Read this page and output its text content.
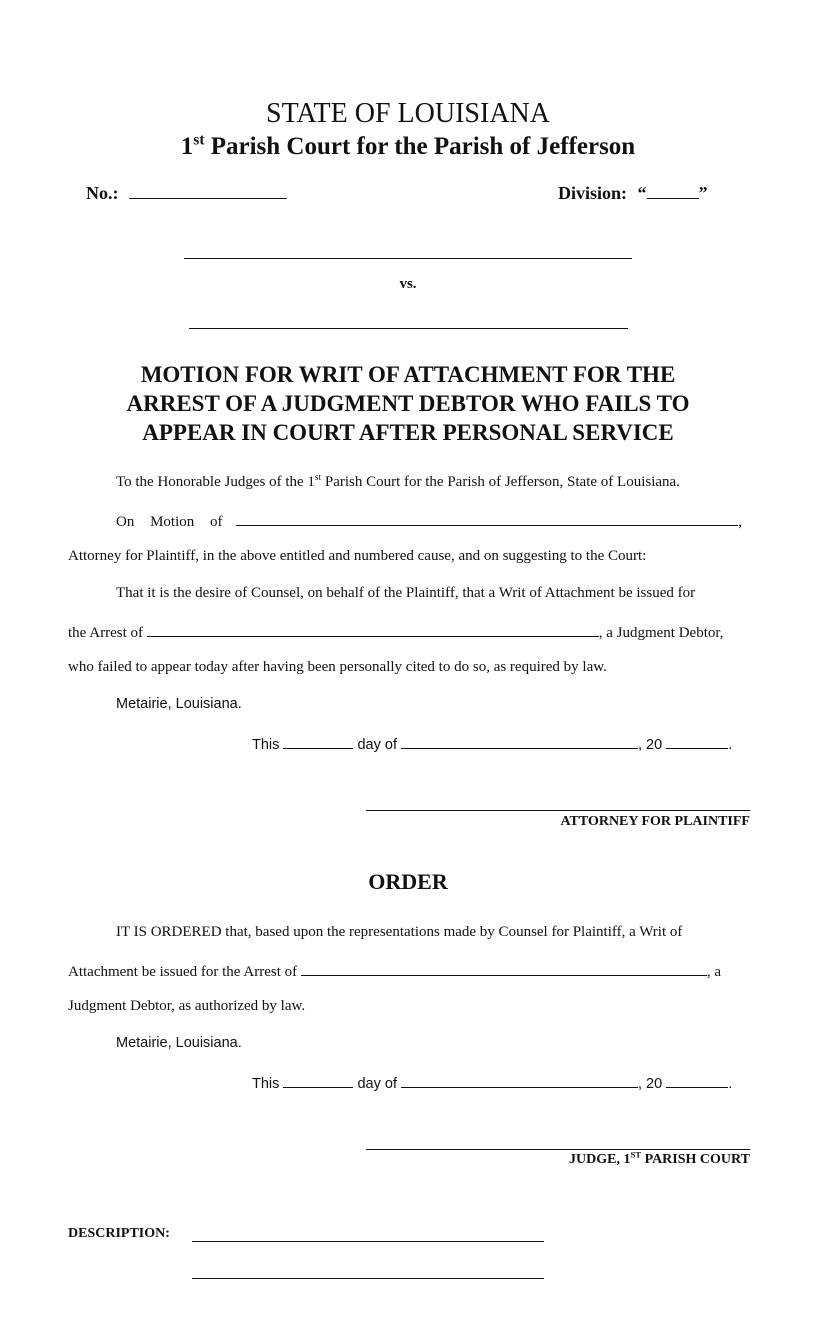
STATE OF LOUISIANA
1st Parish Court for the Parish of Jefferson
No.:	Division: “	”
vs.
MOTION FOR WRIT OF ATTACHMENT FOR THE
ARREST OF A JUDGMENT DEBTOR WHO FAILS TO
APPEAR IN COURT AFTER PERSONAL SERVICE
To the Honorable Judges of the 1st Parish Court for the Parish of Jefferson, State of Louisiana.
On Motion of	,
Attorney for Plaintiff, in the above entitled and numbered cause, and on suggesting to the Court:
That it is the desire of Counsel, on behalf of the Plaintiff, that a Writ of Attachment be issued for
the Arrest of	, a Judgment Debtor,
who failed to appear today after having been personally cited to do so, as required by law.
Metairie, Louisiana.
This	day of	, 20	.
ATTORNEY FOR PLAINTIFF
ORDER
IT IS ORDERED that, based upon the representations made by Counsel for Plaintiff, a Writ of
Attachment be issued for the Arrest of	, a
Judgment Debtor, as authorized by law.
Metairie, Louisiana.
This	day of	, 20	.
JUDGE, 1ST PARISH COURT
DESCRIPTION:
